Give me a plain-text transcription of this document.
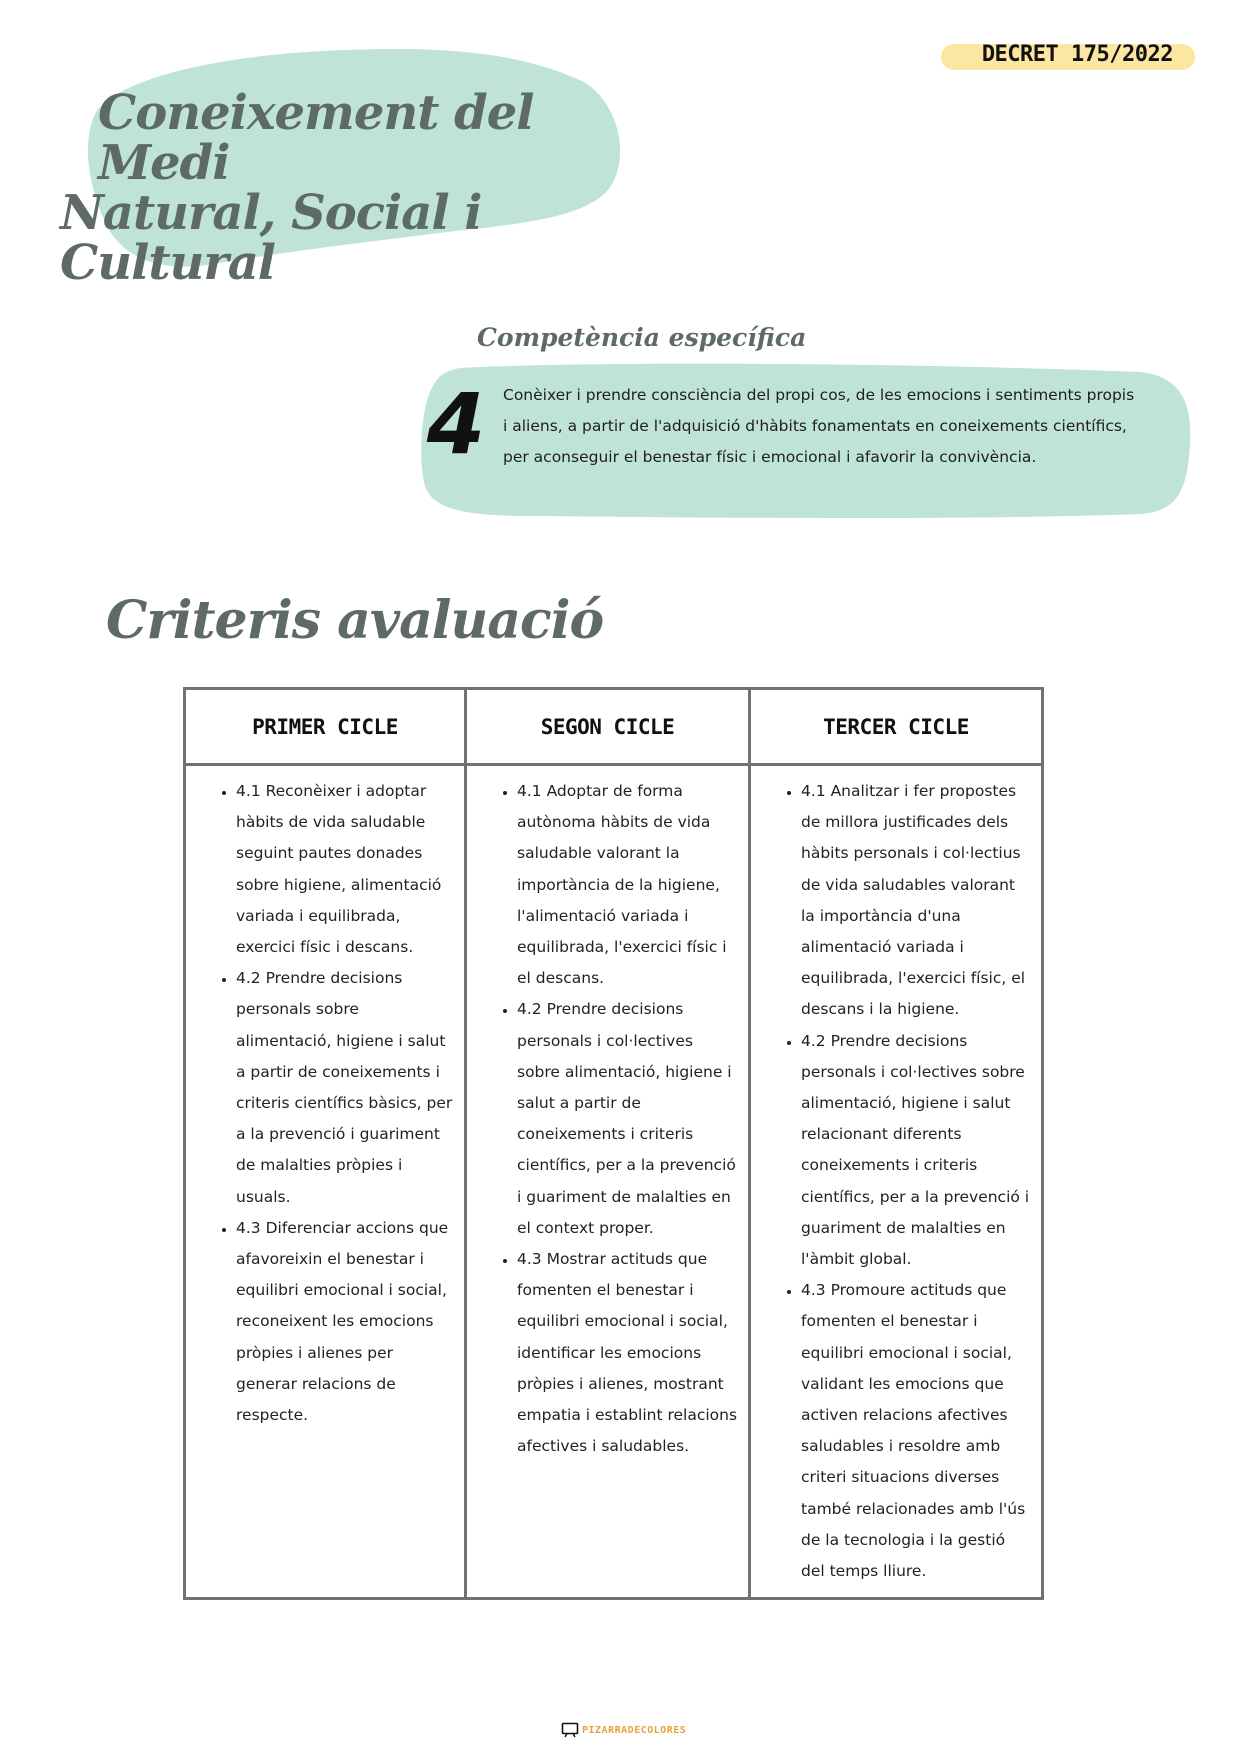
DECRET 175/2022
Coneixement del Medi
Natural, Social i Cultural
Competència específica
4 Conèixer i prendre consciència del propi cos, de les emocions i sentiments propis i aliens, a partir de l'adquisició d'hàbits fonamentats en coneixements científics, per aconseguir el benestar físic i emocional i afavorir la convivència.

Criteris avaluació
PRIMER CICLE	SEGON CICLE	TERCER CICLE
• 4.1 Reconèixer i adoptar hàbits de vida saludable seguint pautes donades sobre higiene, alimentació variada i equilibrada, exercici físic i descans.
• 4.2 Prendre decisions personals sobre alimentació, higiene i salut a partir de coneixements i criteris científics bàsics, per a la prevenció i guariment de malalties pròpies i usuals.
• 4.3 Diferenciar accions que afavoreixin el benestar i equilibri emocional i social, reconeixent les emocions pròpies i alienes per generar relacions de respecte.
• 4.1 Adoptar de forma autònoma hàbits de vida saludable valorant la importància de la higiene, l'alimentació variada i equilibrada, l'exercici físic i el descans.
• 4.2 Prendre decisions personals i col·lectives sobre alimentació, higiene i salut a partir de coneixements i criteris científics, per a la prevenció i guariment de malalties en el context proper.
• 4.3 Mostrar actituds que fomenten el benestar i equilibri emocional i social, identificar les emocions pròpies i alienes, mostrant empatia i establint relacions afectives i saludables.
• 4.1 Analitzar i fer propostes de millora justificades dels hàbits personals i col·lectius de vida saludables valorant la importància d'una alimentació variada i equilibrada, l'exercici físic, el descans i la higiene.
• 4.2 Prendre decisions personals i col·lectives sobre alimentació, higiene i salut relacionant diferents coneixements i criteris científics, per a la prevenció i guariment de malalties en l'àmbit global.
• 4.3 Promoure actituds que fomenten el benestar i equilibri emocional i social, validant les emocions que activen relacions afectives saludables i resoldre amb criteri situacions diverses també relacionades amb l'ús de la tecnologia i la gestió del temps lliure.
PIZARRADECOLORES
